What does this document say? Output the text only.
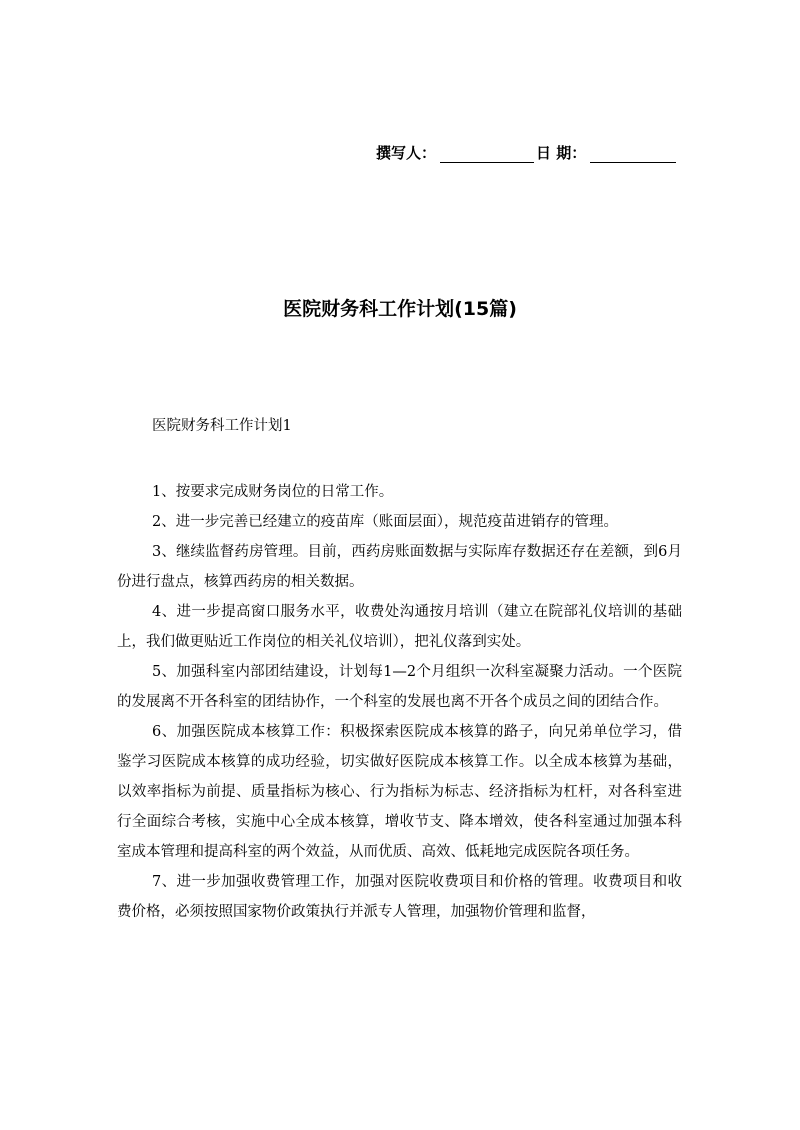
撰写人：	日 期：
医院财务科工作计划(15篇)
医院财务科工作计划1

1、按要求完成财务岗位的日常工作。

2、进一步完善已经建立的疫苗库（账面层面），规范疫苗进销存的管理。

3、继续监督药房管理。目前，西药房账面数据与实际库存数据还存在差额，到6月份进行盘点，核算西药房的相关数据。

4、进一步提高窗口服务水平，收费处沟通按月培训（建立在院部礼仪培训的基础上，我们做更贴近工作岗位的相关礼仪培训），把礼仪落到实处。

5、加强科室内部团结建设，计划每1—2个月组织一次科室凝聚力活动。一个医院的发展离不开各科室的团结协作，一个科室的发展也离不开各个成员之间的团结合作。

6、加强医院成本核算工作：积极探索医院成本核算的路子，向兄弟单位学习，借鉴学习医院成本核算的成功经验，切实做好医院成本核算工作。以全成本核算为基础，以效率指标为前提、质量指标为核心、行为指标为标志、经济指标为杠杆，对各科室进行全面综合考核，实施中心全成本核算，增收节支、降本增效，使各科室通过加强本科室成本管理和提高科室的两个效益，从而优质、高效、低耗地完成医院各项任务。

7、进一步加强收费管理工作，加强对医院收费项目和价格的管理。收费项目和收费价格，必须按照国家物价政策执行并派专人管理，加强物价管理和监督，
